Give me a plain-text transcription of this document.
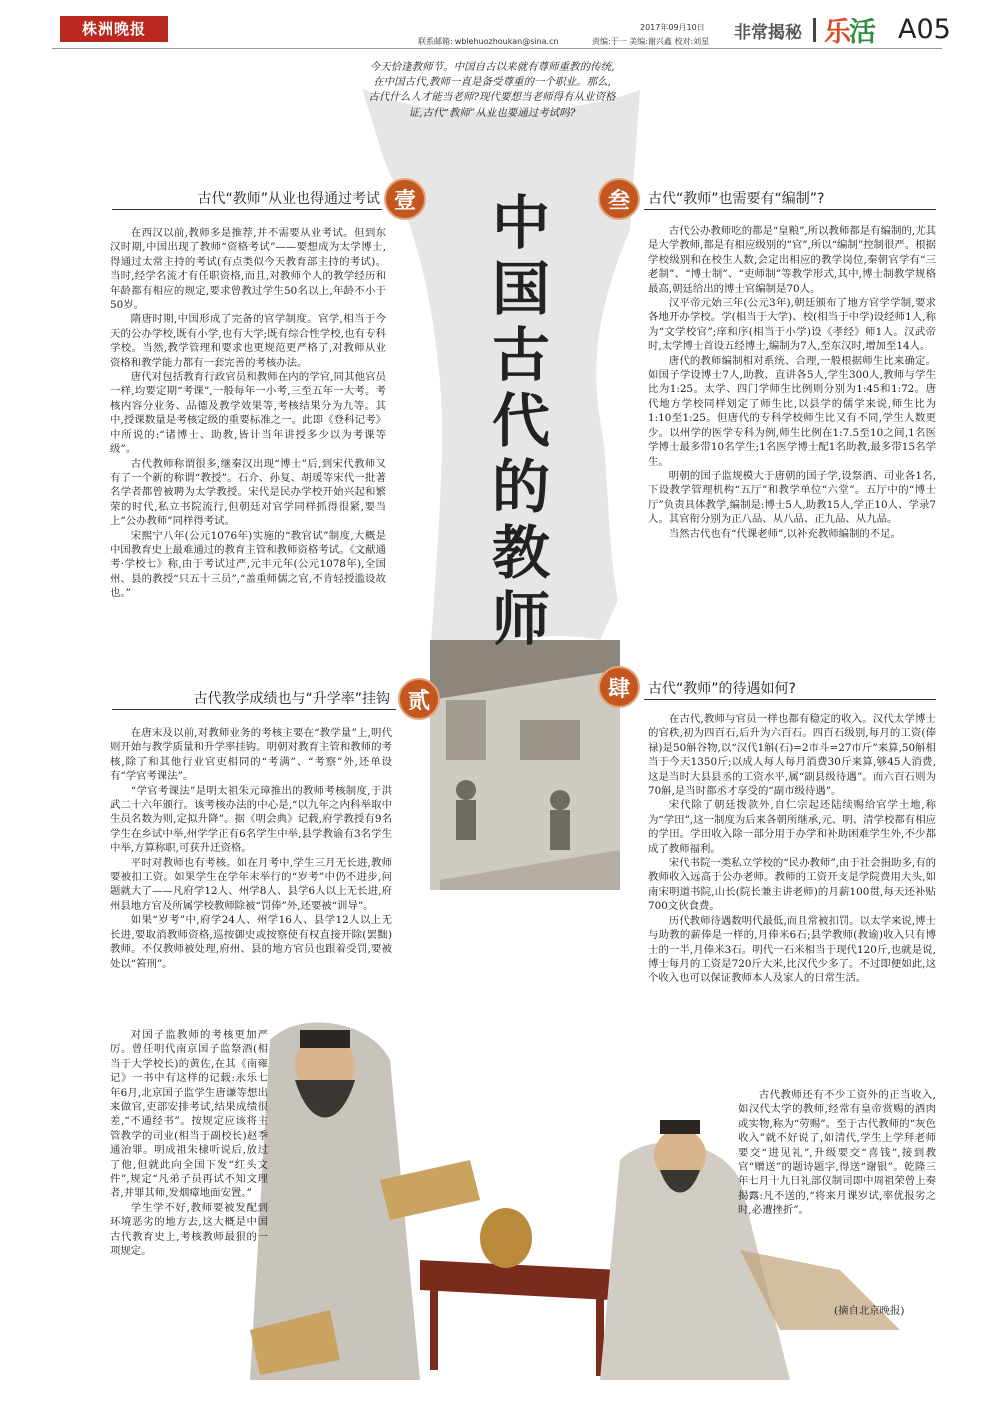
株洲晚报
联系邮箱: wblehuozhoukan@sina.cn
2017年09月10日
责编:于一 美编:谢兴鑫 校对:刘星 非常揭秘 乐活 A05
今天恰逢教师节。中国自古以来就有尊师重教的传统,在中国古代,教师一直是备受尊重的一个职业。那么,古代什么人才能当老师?现代要想当老师得有从业资格证,古代“教师”从业也要通过考试吗?
中国古代的教师
壹
古代“教师”从业也得通过考试

在西汉以前,教师多是推荐,并不需要从业考试。但到东汉时期,中国出现了教师“资格考试”——要想成为太学博士,得通过太常主持的考试(有点类似今天教育部主持的考试)。当时,经学名流才有任职资格,而且,对教师个人的教学经历和年龄都有相应的规定,要求曾教过学生50名以上,年龄不小于50岁。

隋唐时期,中国形成了完备的官学制度。官学,相当于今天的公办学校,既有小学,也有大学;既有综合性学校,也有专科学校。当然,教学管理和要求也更规范更严格了,对教师从业资格和教学能力都有一套完善的考核办法。

唐代对包括教育行政官员和教师在内的学官,同其他官员一样,均要定期“考课”,一般每年一小考,三至五年一大考。考核内容分业务、品德及教学效果等,考核结果分为九等。其中,授课数量是考核定级的重要标准之一。此即《登科记考》中所说的:“诸博士、助教,皆计当年讲授多少以为考课等级”。

古代教师称谓很多,继秦汉出现“博士”后,到宋代教师又有了一个新的称谓“教授”。石介、孙复、胡瑗等宋代一批著名学者都曾被聘为太学教授。宋代是民办学校开始兴起和繁荣的时代,私立书院流行,但朝廷对官学同样抓得很紧,要当上“公办教师”同样得考试。

宋熙宁八年(公元1076年)实施的“教官试”制度,大概是中国教育史上最难通过的教育主管和教师资格考试。《文献通考·学校七》称,由于考试过严,元丰元年(公元1078年),全国州、县的教授“只五十三员”,“盖重师儒之官,不肯轻授滥设故也。”

贰
古代教学成绩也与“升学率”挂钩

在唐末及以前,对教师业务的考核主要在“教学量”上,明代则开始与教学质量和升学率挂钩。明朝对教育主管和教师的考核,除了和其他行业官吏相同的“考满”、“考察”外,还单设有“学官考课法”。

“学官考课法”是明太祖朱元璋推出的教师考核制度,于洪武二十六年颁行。该考核办法的中心是,“以九年之内科举取中生员名数为则,定拟升降”。据《明会典》记载,府学教授有9名学生在乡试中举,州学学正有6名学生中举,县学教谕有3名学生中举,方算称职,可获升迁资格。

平时对教师也有考核。如在月考中,学生三月无长进,教师要被扣工资。如果学生在学年末举行的“岁考”中仍不进步,问题就大了——凡府学12人、州学8人、县学6人以上无长进,府州县地方官及所属学校教师除被“罚俸”外,还要被“训导”。

如果“岁考”中,府学24人、州学16人、县学12人以上无长进,要取消教师资格,巡按御史或按察使有权直接开除(罢黜)教师。不仅教师被处理,府州、县的地方官员也跟着受罚,要被处以“笞刑”。

对国子监教师的考核更加严厉。曾任明代南京国子监祭酒(相当于大学校长)的黄佐,在其《南雍记》一书中有这样的记载:永乐七年6月,北京国子监学生唐谦等想出来做官,吏部安排考试,结果成绩很差,“不通经书”。按规定应该将主管教学的司业(相当于副校长)赵季通治罪。明成祖朱棣听说后,放过了他,但就此向全国下发“红头文件”,规定“凡弟子员再试不知文理者,并罪其师,发烟瘴地面安置。”

学生学不好,教师要被发配到环境恶劣的地方去,这大概是中国古代教育史上,考核教师最狠的一项规定。

叁	古代“教师”也需要有“编制”?

古代公办教师吃的都是“皇粮”,所以教师都是有编制的,尤其是大学教师,都是有相应级别的“官”,所以“编制”控制很严。根据学校级别和在校生人数,会定出相应的教学岗位,秦朝官学有“三老制”、“博士制”、“吏师制”等教学形式,其中,博士制教学规格最高,朝廷给出的博士官编制是70人。

汉平帝元始三年(公元3年),朝廷颁布了地方官学学制,要求各地开办学校。学(相当于大学)、校(相当于中学)设经师1人,称为“文学校官”;庠和序(相当于小学)设《孝经》师1人。汉武帝时,太学博士首设五经博士,编制为7人,至东汉时,增加至14人。

唐代的教师编制相对系统、合理,一般根据师生比来确定。如国子学设博士7人,助教、直讲各5人,学生300人,教师与学生比为1:25。太学、四门学师生比例则分别为1:45和1:72。唐代地方学校同样划定了师生比,以县学的儒学来说,师生比为1:10至1:25。但唐代的专科学校师生比又有不同,学生人数更少。以州学的医学专科为例,师生比例在1:7.5至10之间,1名医学博士最多带10名学生;1名医学博士配1名助教,最多带15名学生。

明朝的国子监规模大于唐朝的国子学,设祭酒、司业各1名,下设教学管理机构“五厅”和教学单位“六堂”。五厅中的“博士厅”负责具体教学,编制是:博士5人,助教15人,学正10人、学录7人。其官衔分别为正八品、从八品、正九品、从九品。

当然古代也有“代课老师”,以补充教师编制的不足。

肆	古代“教师”的待遇如何?

在古代,教师与官员一样也都有稳定的收入。汉代太学博士的官秩,初为四百石,后升为六百石。四百石级别,每月的工资(俸禄)是50斛谷物,以“汉代1斛(石)=2市斗=27市斤”来算,50斛相当于今天1350斤;以成人每人每月消费30斤来算,够45人消费,这是当时大县县丞的工资水平,属“副县级待遇”。而六百石则为70斛,是当时都丞才享受的“副市级待遇”。

宋代除了朝廷拨款外,自仁宗起还陆续赐给官学土地,称为“学田”,这一制度为后来各朝所继承,元、明、清学校都有相应的学田。学田收入除一部分用于办学和补助困难学生外,不少都成了教师福利。

宋代书院一类私立学校的“民办教师”,由于社会捐助多,有的教师收入远高于公办老师。教师的工资开支是学院费用大头,如南宋明道书院,山长(院长兼主讲老师)的月薪100贯,每天还补贴700文伙食费。

历代教师待遇数明代最低,而且常被扣罚。以太学来说,博士与助教的薪俸是一样的,月俸米6石;县学教师(教谕)收入只有博士的一半,月俸米3石。明代一石米相当于现代120斤,也就是说,博士每月的工资是720斤大米,比汉代少多了。不过即便如此,这个收入也可以保证教师本人及家人的日常生活。

古代教师还有不少工资外的正当收入,如汉代太学的教师,经常有皇帝赏赐的酒肉或实物,称为“劳赐”。至于古代教师的“灰色收入”就不好说了,如清代,学生上学拜老师要交“进见礼”,升级要交“喜钱”,接到教官“赠送”的题诗题字,得送“谢银”。乾隆三年七月十九日礼部仪制司即中周祖荣曾上奏揭露:凡不送的,“将来月课岁试,率优报劣之时,必遭挫折”。

(摘自北京晚报)
